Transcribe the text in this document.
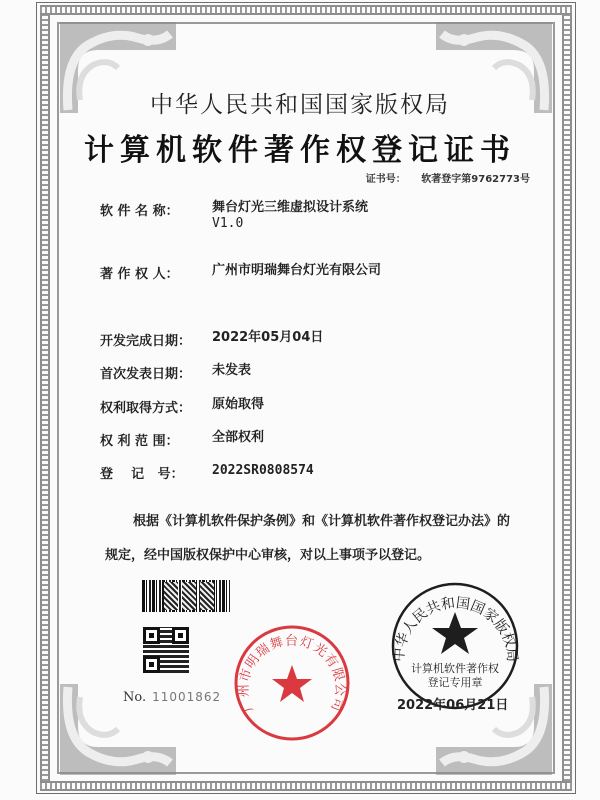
中华人民共和国国家版权局
计算机软件著作权登记证书
证书号： 软著登字第9762773号
软 件 名 称：	舞台灯光三维虚拟设计系统
V1.0
著 作 权 人：	广州市明瑞舞台灯光有限公司
开发完成日期：	2022年05月04日
首次发表日期：	未发表
权利取得方式：	原始取得
权 利 范 围：	全部权利
登    记   号：	2022SR0808574
根据《计算机软件保护条例》和《计算机软件著作权登记办法》的
规定，经中国版权保护中心审核，对以上事项予以登记。
No. 11001862 广州市明瑞舞台灯光有限公司
中华人民共和国国家版权局
计算机软件著作权
登记专用章
2022年06月21日
